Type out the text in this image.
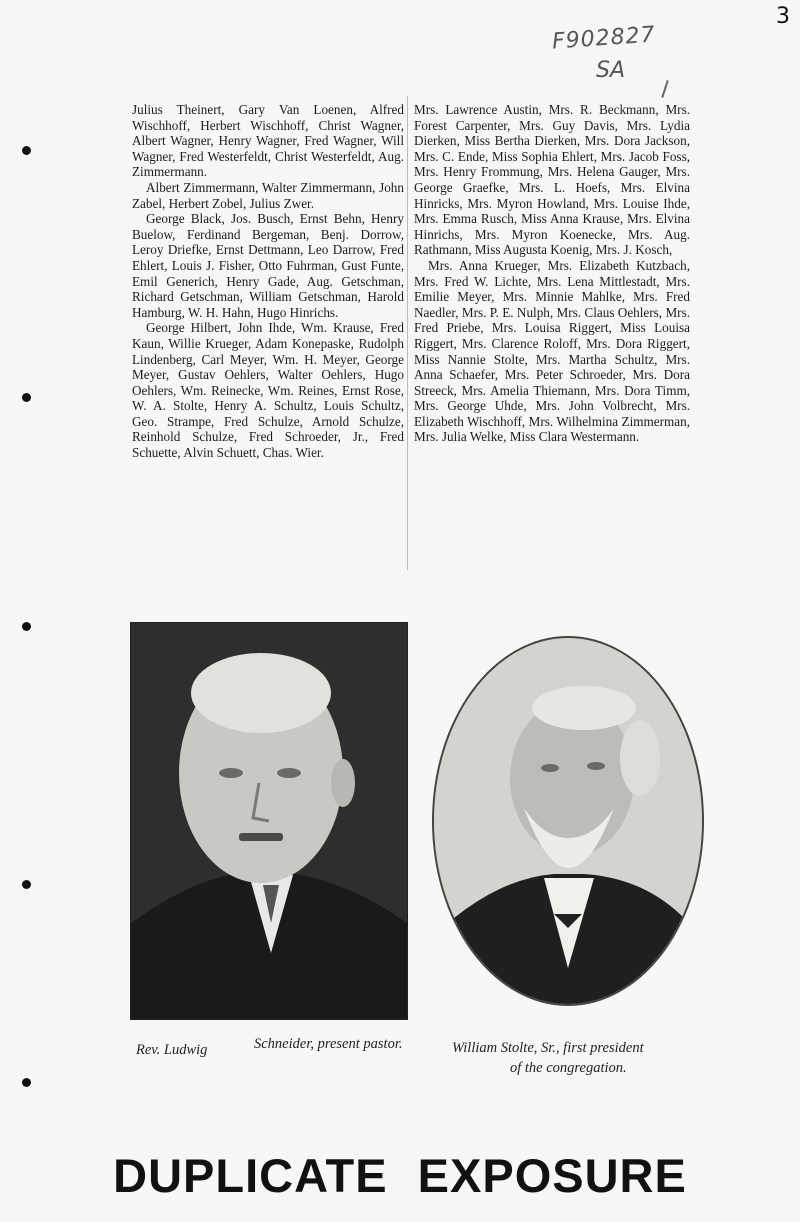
3
F902827
SA

Julius Theinert, Gary Van Loenen, Alfred Wischhoff, Herbert Wischhoff, Christ Wagner, Albert Wagner, Henry Wagner, Fred Wagner, Will Wagner, Fred Westerfeldt, Christ Westerfeldt, Aug. Zimmermann.

Albert Zimmermann, Walter Zimmermann, John Zabel, Herbert Zobel, Julius Zwer.

George Black, Jos. Busch, Ernst Behn, Henry Buelow, Ferdinand Bergeman, Benj. Dorrow, Leroy Driefke, Ernst Dettmann, Leo Darrow, Fred Ehlert, Louis J. Fisher, Otto Fuhrman, Gust Funte, Emil Generich, Henry Gade, Aug. Getschman, Richard Getschman, William Getschman, Harold Hamburg, W. H. Hahn, Hugo Hinrichs.

George Hilbert, John Ihde, Wm. Krause, Fred Kaun, Willie Krueger, Adam Konepaske, Rudolph Lindenberg, Carl Meyer, Wm. H. Meyer, George Meyer, Gustav Oehlers, Walter Oehlers, Hugo Oehlers, Wm. Reinecke, Wm. Reines, Ernst Rose, W. A. Stolte, Henry A. Schultz, Louis Schultz, Geo. Strampe, Fred Schulze, Arnold Schulze, Reinhold Schulze, Fred Schroeder, Jr., Fred Schuette, Alvin Schuett, Chas. Wier.

Mrs. Lawrence Austin, Mrs. R. Beckmann, Mrs. Forest Carpenter, Mrs. Guy Davis, Mrs. Lydia Dierken, Miss Bertha Dierken, Mrs. Dora Jackson, Mrs. C. Ende, Miss Sophia Ehlert, Mrs. Jacob Foss, Mrs. Henry Frommung, Mrs. Helena Gauger, Mrs. George Graefke, Mrs. L. Hoefs, Mrs. Elvina Hinricks, Mrs. Myron Howland, Mrs. Louise Ihde, Mrs. Emma Rusch, Miss Anna Krause, Mrs. Elvina Hinrichs, Mrs. Myron Koenecke, Mrs. Aug. Rathmann, Miss Augusta Koenig, Mrs. J. Kosch,

Mrs. Anna Krueger, Mrs. Elizabeth Kutzbach, Mrs. Fred W. Lichte, Mrs. Lena Mittlestadt, Mrs. Emilie Meyer, Mrs. Minnie Mahlke, Mrs. Fred Naedler, Mrs. P. E. Nulph, Mrs. Claus Oehlers, Mrs. Fred Priebe, Mrs. Louisa Riggert, Miss Louisa Riggert, Mrs. Clarence Roloff, Mrs. Dora Riggert, Miss Nannie Stolte, Mrs. Martha Schultz, Mrs. Anna Schaefer, Mrs. Peter Schroeder, Mrs. Dora Streeck, Mrs. Amelia Thiemann, Mrs. Dora Timm, Mrs. George Uhde, Mrs. John Volbrecht, Mrs. Elizabeth Wischhoff, Mrs. Wilhelmina Zimmerman, Mrs. Julia Welke, Miss Clara Westermann.

Rev. Ludwig	Schneider, present pastor.	William Stolte, Sr., first president
of the congregation.
DUPLICATE EXPOSURE
